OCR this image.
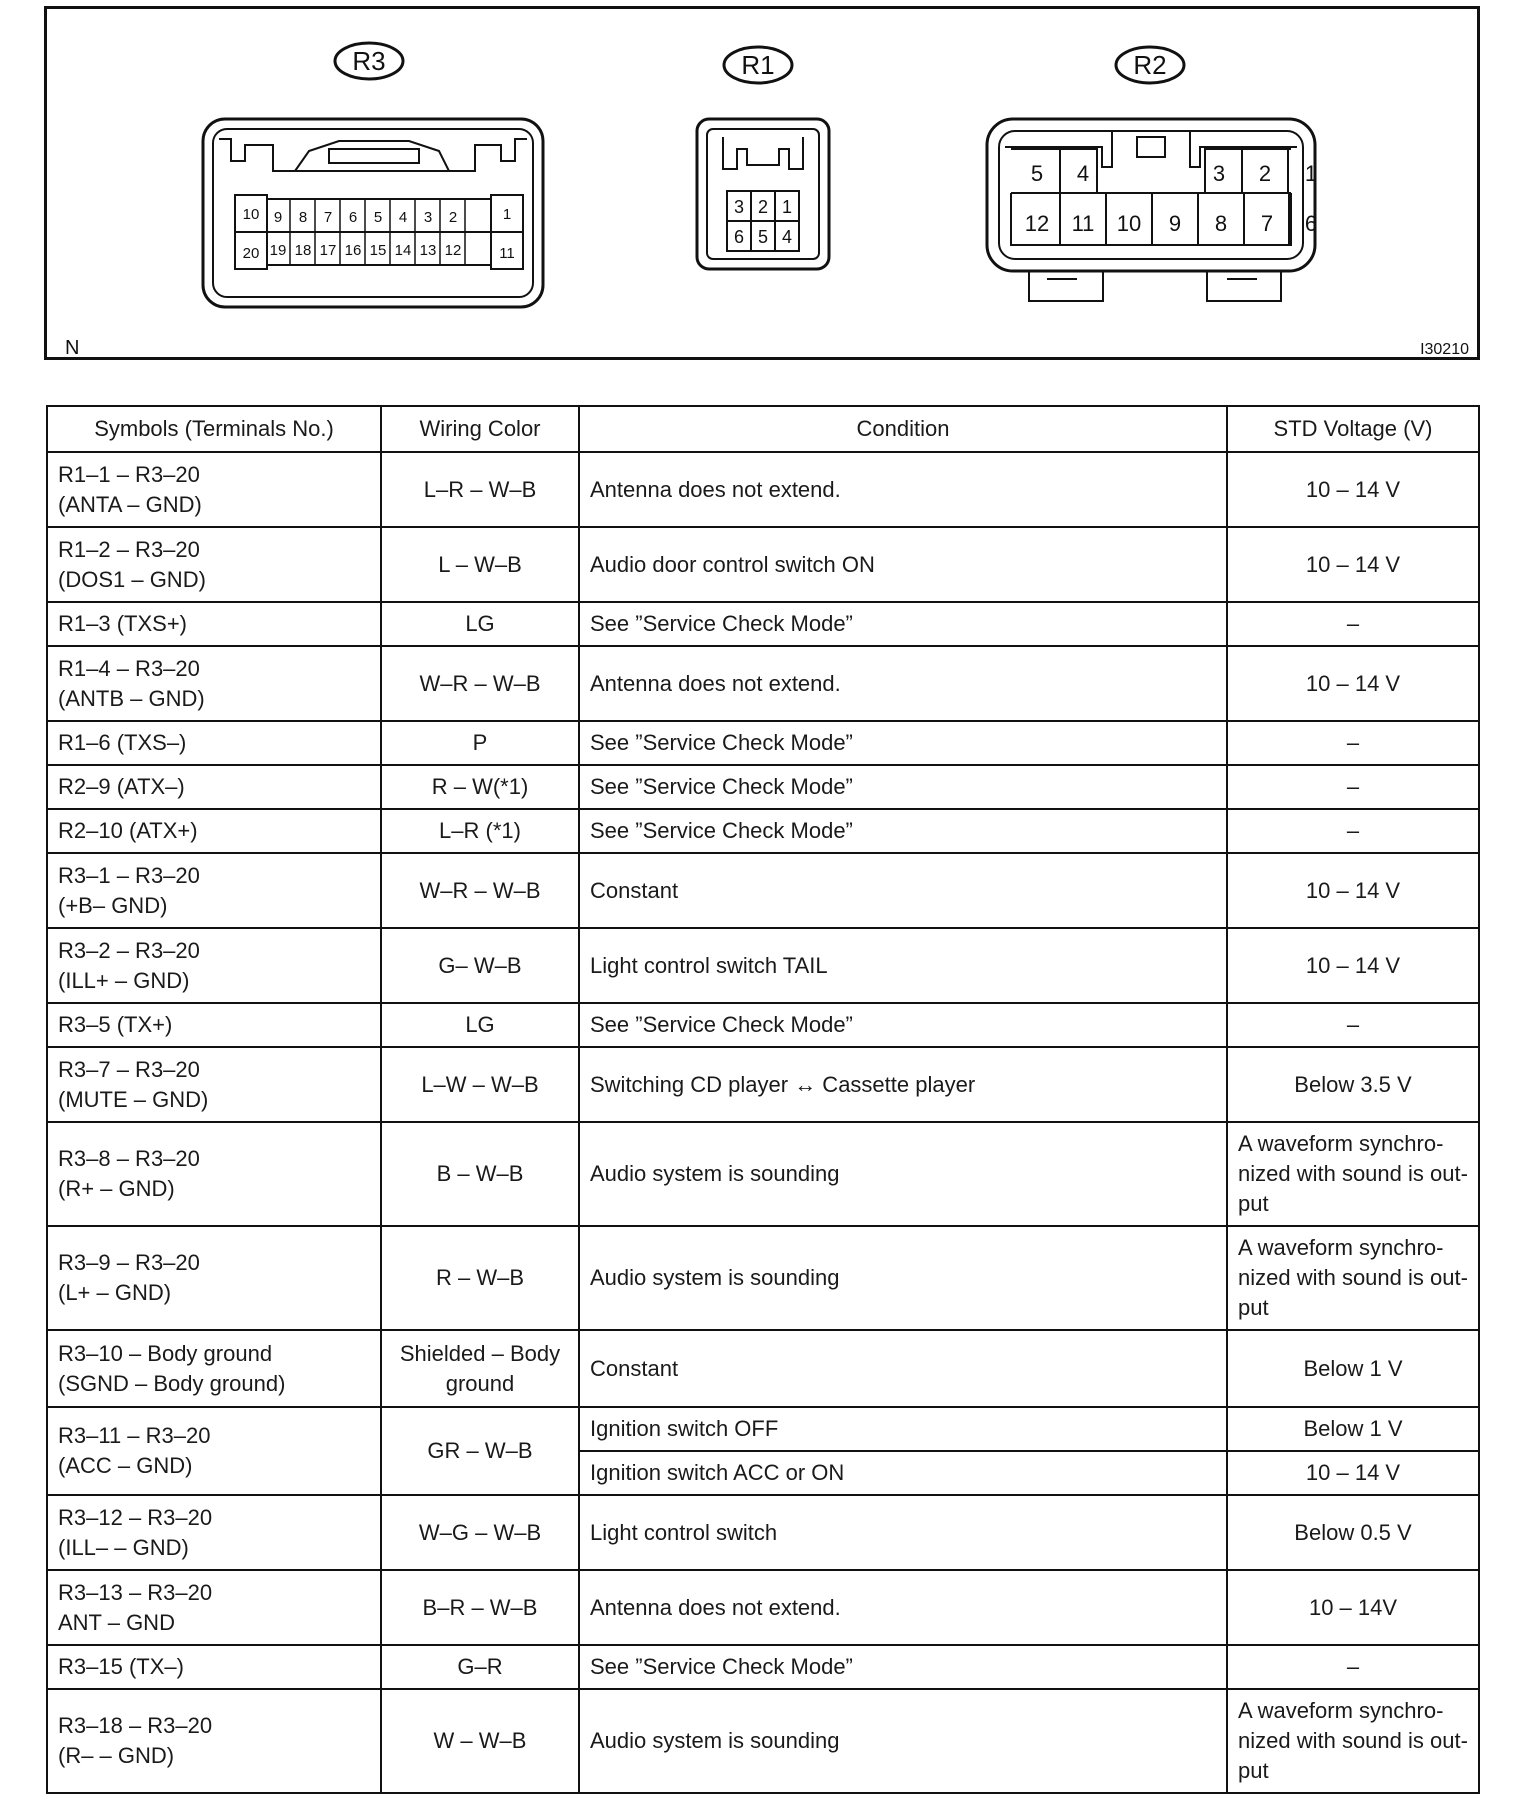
R3	R1	R2
10 9 8 7 6 5 4 3 2	1
20 19 18 17 16 15 14 13 12	11
3 2 1
6 5 4
5 4	3 2 1
12 11 10 9 8 7 6
N	I30210
Symbols (Terminals No.)	Wiring Color	Condition	STD Voltage (V)

R1–1 – R3–20
(ANTA – GND)	L–R – W–B	Antenna does not extend.	10 – 14 V

R1–2 – R3–20
(DOS1 – GND)	L – W–B	Audio door control switch ON	10 – 14 V
R1–3 (TXS+)	LG	See ”Service Check Mode”	–

R1–4 – R3–20
(ANTB – GND)	W–R – W–B	Antenna does not extend.	10 – 14 V
R1–6 (TXS–)	P	See ”Service Check Mode”	–
R2–9 (ATX–)	R – W(*1)	See ”Service Check Mode”	–
R2–10 (ATX+)	L–R (*1)	See ”Service Check Mode”	–

R3–1 – R3–20
(+B– GND)	W–R – W–B	Constant	10 – 14 V

R3–2 – R3–20
(ILL+ – GND)	G– W–B	Light control switch TAIL	10 – 14 V
R3–5 (TX+)	LG	See ”Service Check Mode”	–

R3–7 – R3–20
(MUTE – GND)	L–W – W–B	Switching CD player ↔ Cassette player	Below 3.5 V

R3–8 – R3–20
(R+ – GND)	B – W–B	Audio system is sounding	A waveform synchro-nized with sound is out-put

R3–9 – R3–20
(L+ – GND)	R – W–B	Audio system is sounding	A waveform synchro-nized with sound is out-put

R3–10 – Body ground
(SGND – Body ground)	Shielded – Body ground	Constant	Below 1 V

R3–11 – R3–20
(ACC – GND)	GR – W–B	Ignition switch OFF	Below 1 V
		Ignition switch ACC or ON	10 – 14 V

R3–12 – R3–20
(ILL– – GND)	W–G – W–B	Light control switch	Below 0.5 V

R3–13 – R3–20
ANT – GND	B–R – W–B	Antenna does not extend.	10 – 14V
R3–15 (TX–)	G–R	See ”Service Check Mode”	–

R3–18 – R3–20
(R– – GND)	W – W–B	Audio system is sounding	A waveform synchro-nized with sound is out-put
